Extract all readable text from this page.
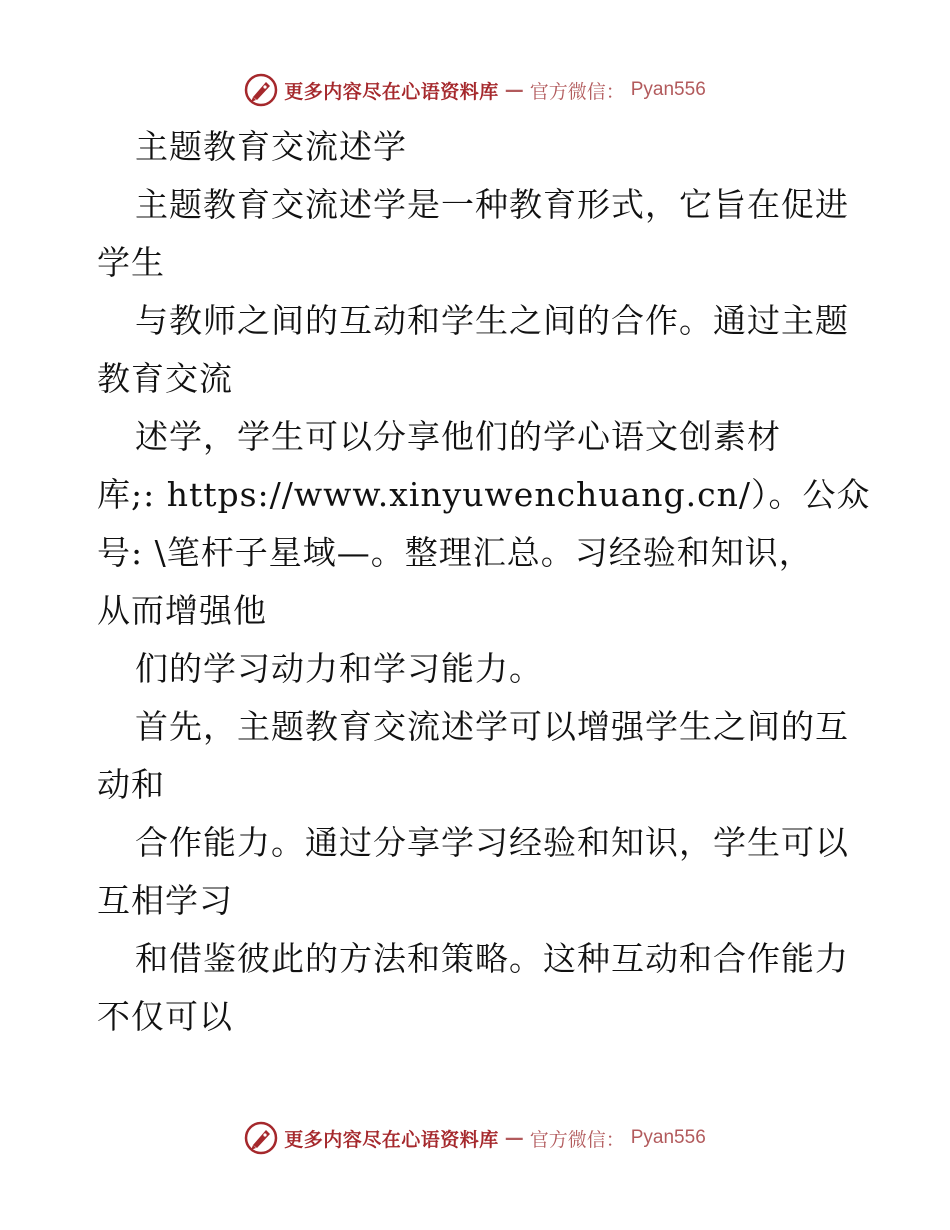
更多内容尽在心语资料库 — 官方微信： Pyan556
主题教育交流述学
主题教育交流述学是一种教育形式，它旨在促进
学生
与教师之间的互动和学生之间的合作。通过主题
教育交流
述学，学生可以分享他们的学心语文创素材
库;: https://www.xinyuwenchuang.cn/）。公众
号: \笔杆子星域—。整理汇总。习经验和知识，
从而增强他
们的学习动力和学习能力。
首先，主题教育交流述学可以增强学生之间的互
动和
合作能力。通过分享学习经验和知识，学生可以
互相学习
和借鉴彼此的方法和策略。这种互动和合作能力
不仅可以
更多内容尽在心语资料库 — 官方微信： Pyan556
